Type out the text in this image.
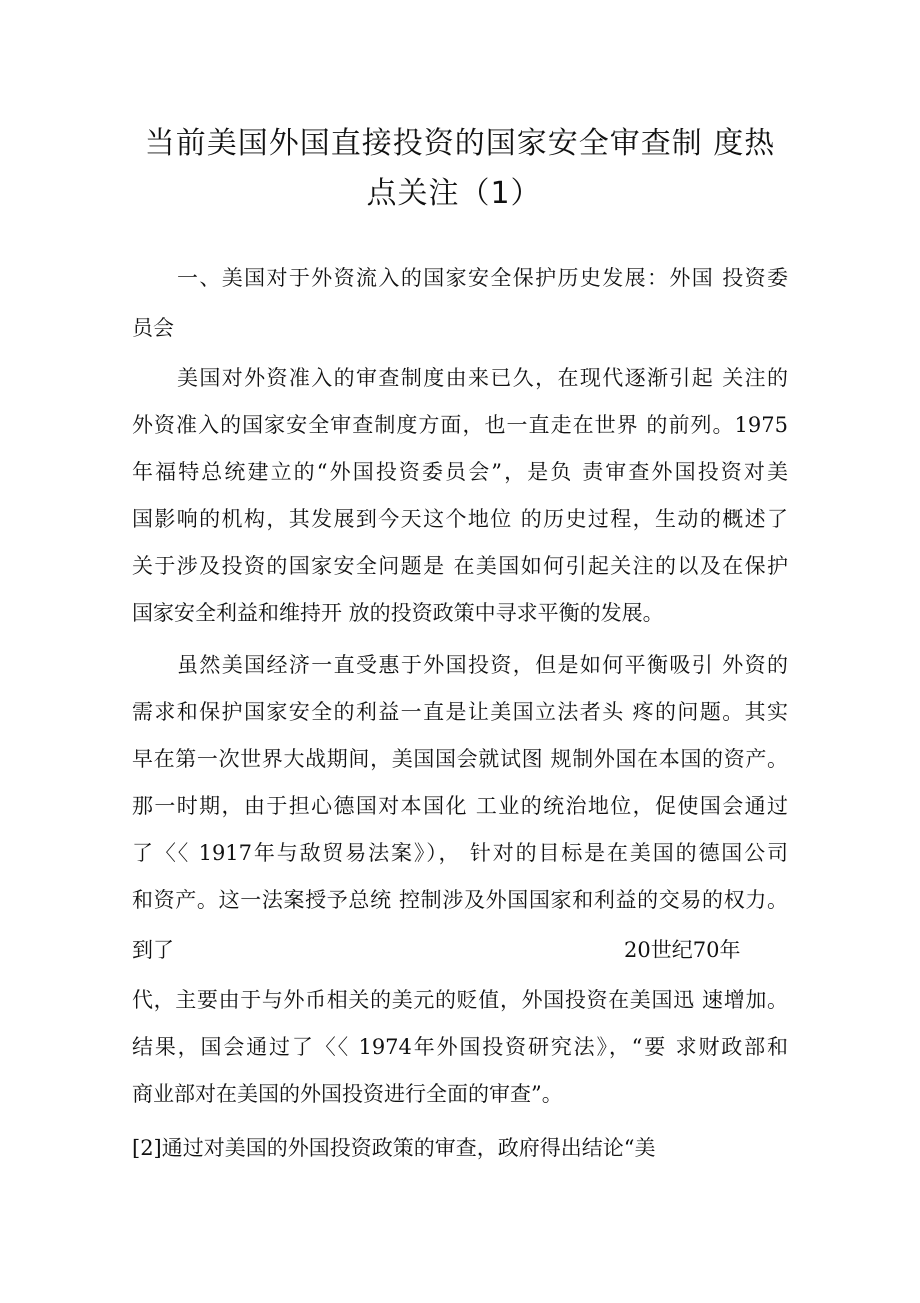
当前美国外国直接投资的国家安全审查制 度热
点关注（1）
一、美国对于外资流入的国家安全保护历史发展：外国 投资委
员会
美国对外资准入的审查制度由来已久，在现代逐渐引起 关注的
外资准入的国家安全审查制度方面，也一直走在世界 的前列。1975
年福特总统建立的“外国投资委员会”，是负 责审查外国投资对美
国影响的机构，其发展到今天这个地位 的历史过程，生动的概述了
关于涉及投资的国家安全问题是 在美国如何引起关注的以及在保护
国家安全利益和维持开 放的投资政策中寻求平衡的发展。
虽然美国经济一直受惠于外国投资，但是如何平衡吸引 外资的
需求和保护国家安全的利益一直是让美国立法者头 疼的问题。其实
早在第一次世界大战期间，美国国会就试图 规制外国在本国的资产。
那一时期，由于担心德国对本国化 工业的统治地位，促使国会通过
了〈〈 1917年与敌贸易法案》）， 针对的目标是在美国的德国公司
和资产。这一法案授予总统 控制涉及外国国家和利益的交易的权力。
到了	20世纪70年
代，主要由于与外币相关的美元的贬值，外国投资在美国迅 速增加。
结果，国会通过了〈〈 1974年外国投资研究法》，“要 求财政部和
商业部对在美国的外国投资进行全面的审查”。
[2]通过对美国的外国投资政策的审查，政府得出结论“美
